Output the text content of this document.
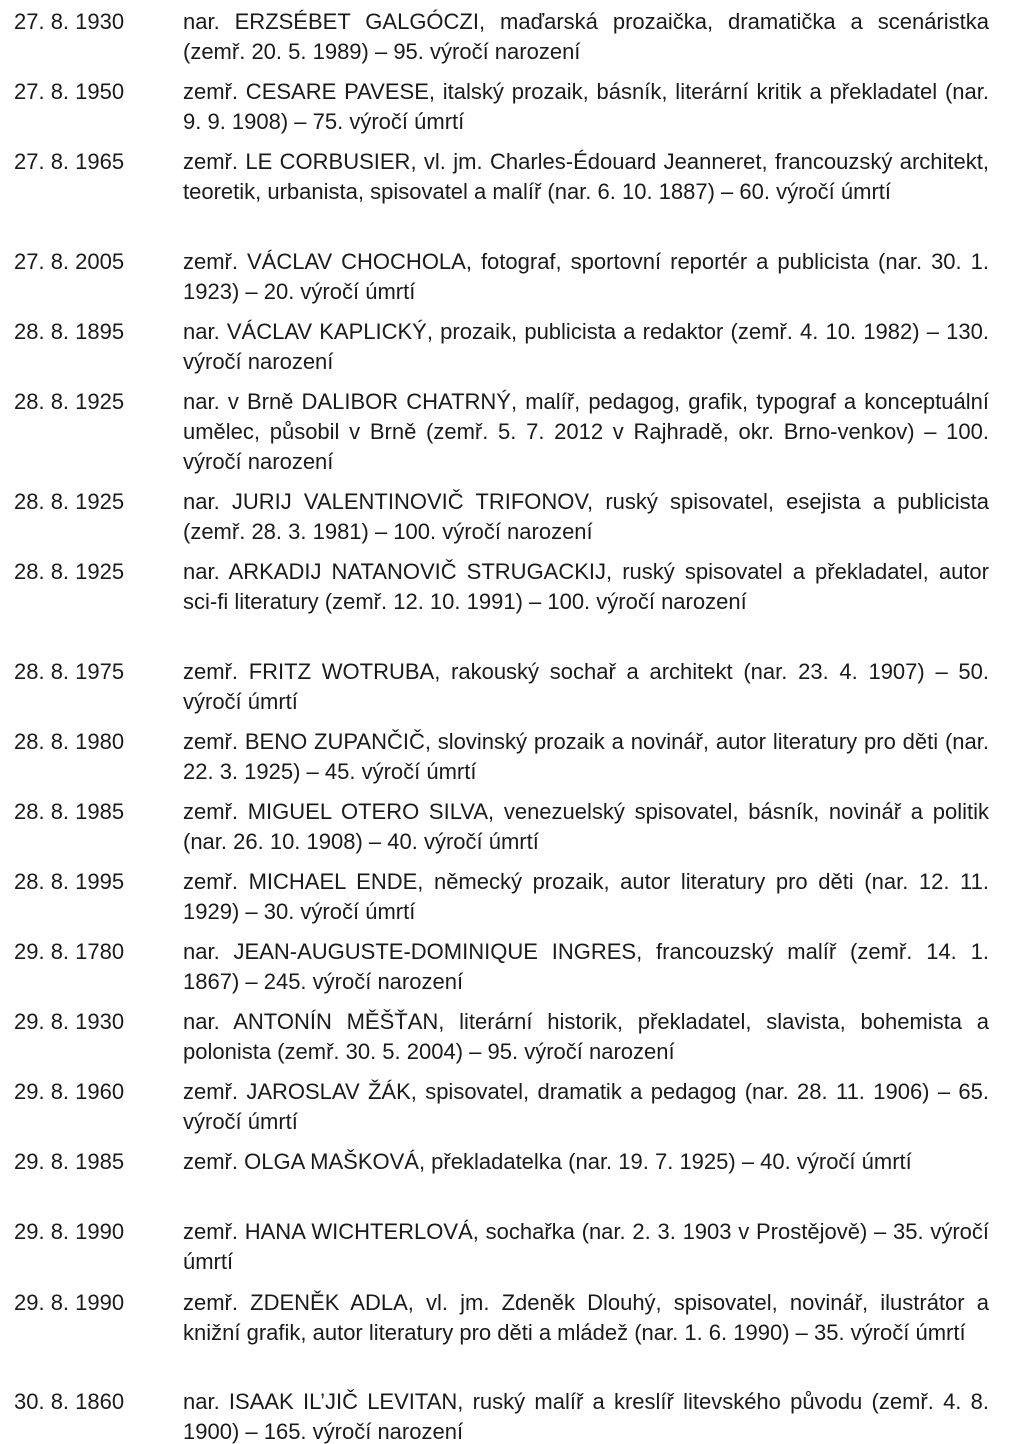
27. 8. 1930	nar. ERZSÉBET GALGÓCZI, maďarská prozaička, dramatička a scenáristka (zemř. 20. 5. 1989) – 95. výročí narození
27. 8. 1950	zemř. CESARE PAVESE, italský prozaik, básník, literární kritik a překladatel (nar. 9. 9. 1908) – 75. výročí úmrtí
27. 8. 1965	zemř. LE CORBUSIER, vl. jm. Charles-Édouard Jeanneret, francouzský architekt, teoretik, urbanista, spisovatel a malíř (nar. 6. 10. 1887) – 60. výročí úmrtí
27. 8. 2005	zemř. VÁCLAV CHOCHOLA, fotograf, sportovní reportér a publicista (nar. 30. 1. 1923) – 20. výročí úmrtí
28. 8. 1895	nar. VÁCLAV KAPLICKÝ, prozaik, publicista a redaktor (zemř. 4. 10. 1982) – 130. výročí narození
28. 8. 1925	nar. v Brně DALIBOR CHATRNÝ, malíř, pedagog, grafik, typograf a konceptuální umělec, působil v Brně (zemř. 5. 7. 2012 v Rajhradě, okr. Brno-venkov) – 100. výročí narození
28. 8. 1925	nar. JURIJ VALENTINOVIČ TRIFONOV, ruský spisovatel, esejista a publicista (zemř. 28. 3. 1981) – 100. výročí narození
28. 8. 1925	nar. ARKADIJ NATANOVIČ STRUGACKIJ, ruský spisovatel a překladatel, autor sci-fi literatury (zemř. 12. 10. 1991) – 100. výročí narození
28. 8. 1975	zemř. FRITZ WOTRUBA, rakouský sochař a architekt (nar. 23. 4. 1907) – 50. výročí úmrtí
28. 8. 1980	zemř. BENO ZUPANČIČ, slovinský prozaik a novinář, autor literatury pro děti (nar. 22. 3. 1925) – 45. výročí úmrtí
28. 8. 1985	zemř. MIGUEL OTERO SILVA, venezuelský spisovatel, básník, novinář a politik (nar. 26. 10. 1908) – 40. výročí úmrtí
28. 8. 1995	zemř. MICHAEL ENDE, německý prozaik, autor literatury pro děti (nar. 12. 11. 1929) – 30. výročí úmrtí
29. 8. 1780	nar. JEAN-AUGUSTE-DOMINIQUE INGRES, francouzský malíř (zemř. 14. 1. 1867) – 245. výročí narození
29. 8. 1930	nar. ANTONÍN MĚŠŤAN, literární historik, překladatel, slavista, bohemista a polonista (zemř. 30. 5. 2004) – 95. výročí narození
29. 8. 1960	zemř. JAROSLAV ŽÁK, spisovatel, dramatik a pedagog (nar. 28. 11. 1906) – 65. výročí úmrtí
29. 8. 1985	zemř. OLGA MAŠKOVÁ, překladatelka (nar. 19. 7. 1925) – 40. výročí úmrtí
29. 8. 1990	zemř. HANA WICHTERLOVÁ, sochařka (nar. 2. 3. 1903 v Prostějově) – 35. výročí úmrtí
29. 8. 1990	zemř. ZDENĚK ADLA, vl. jm. Zdeněk Dlouhý, spisovatel, novinář, ilustrátor a knižní grafik, autor literatury pro děti a mládež (nar. 1. 6. 1990) – 35. výročí úmrtí
30. 8. 1860	nar. ISAAK IL’JIČ LEVITAN, ruský malíř a kreslíř litevského původu (zemř. 4. 8. 1900) – 165. výročí narození
